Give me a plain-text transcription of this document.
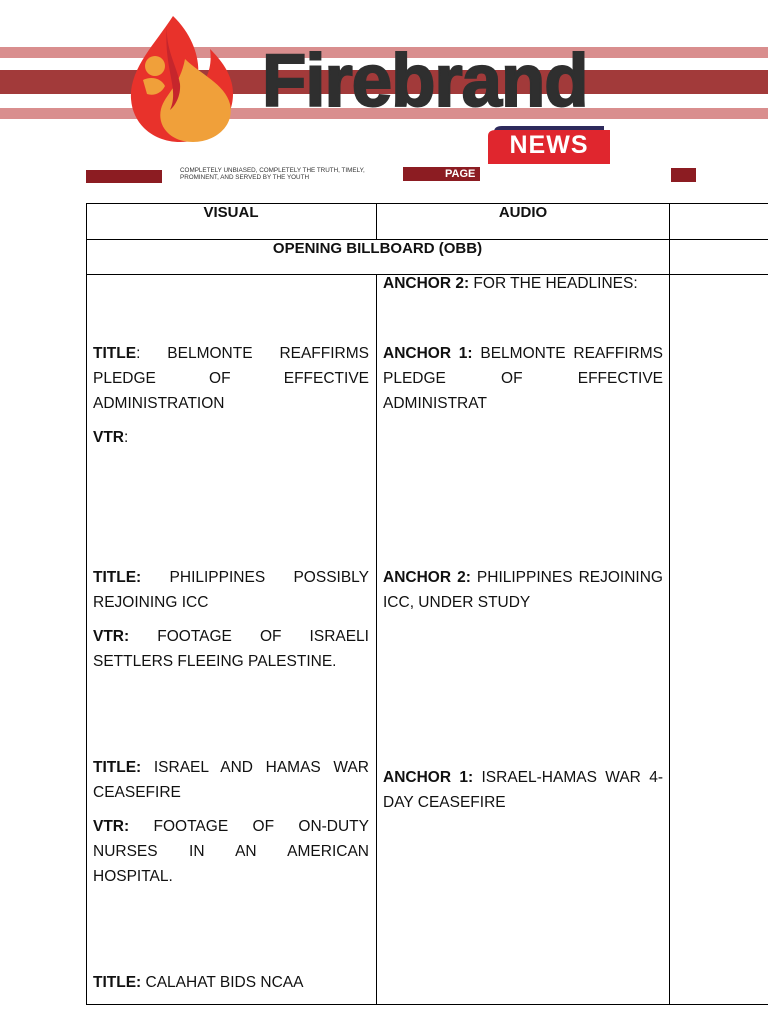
Firebrand
NEWS
COMPLETELY UNBIASED, COMPLETELY THE TRUTH, TIMELY, PROMINENT, AND SERVED BY THE YOUTH	PAGE
VISUAL	AUDIO
OPENING BILLBOARD (OBB)
ANCHOR 2: FOR THE HEADLINES:

TITLE: BELMONTE REAFFIRMS PLEDGE OF EFFECTIVE ADMINISTRATION

VTR:

ANCHOR 1: BELMONTE REAFFIRMS PLEDGE OF EFFECTIVE ADMINISTRAT

TITLE: PHILIPPINES POSSIBLY REJOINING ICC

VTR: FOOTAGE OF ISRAELI SETTLERS FLEEING PALESTINE.

ANCHOR 2: PHILIPPINES REJOINING ICC, UNDER STUDY

TITLE: ISRAEL AND HAMAS WAR CEASEFIRE

VTR: FOOTAGE OF ON-DUTY NURSES IN AN AMERICAN HOSPITAL.

ANCHOR 1: ISRAEL-HAMAS WAR 4-DAY CEASEFIRE

TITLE: CALAHAT BIDS NCAA
